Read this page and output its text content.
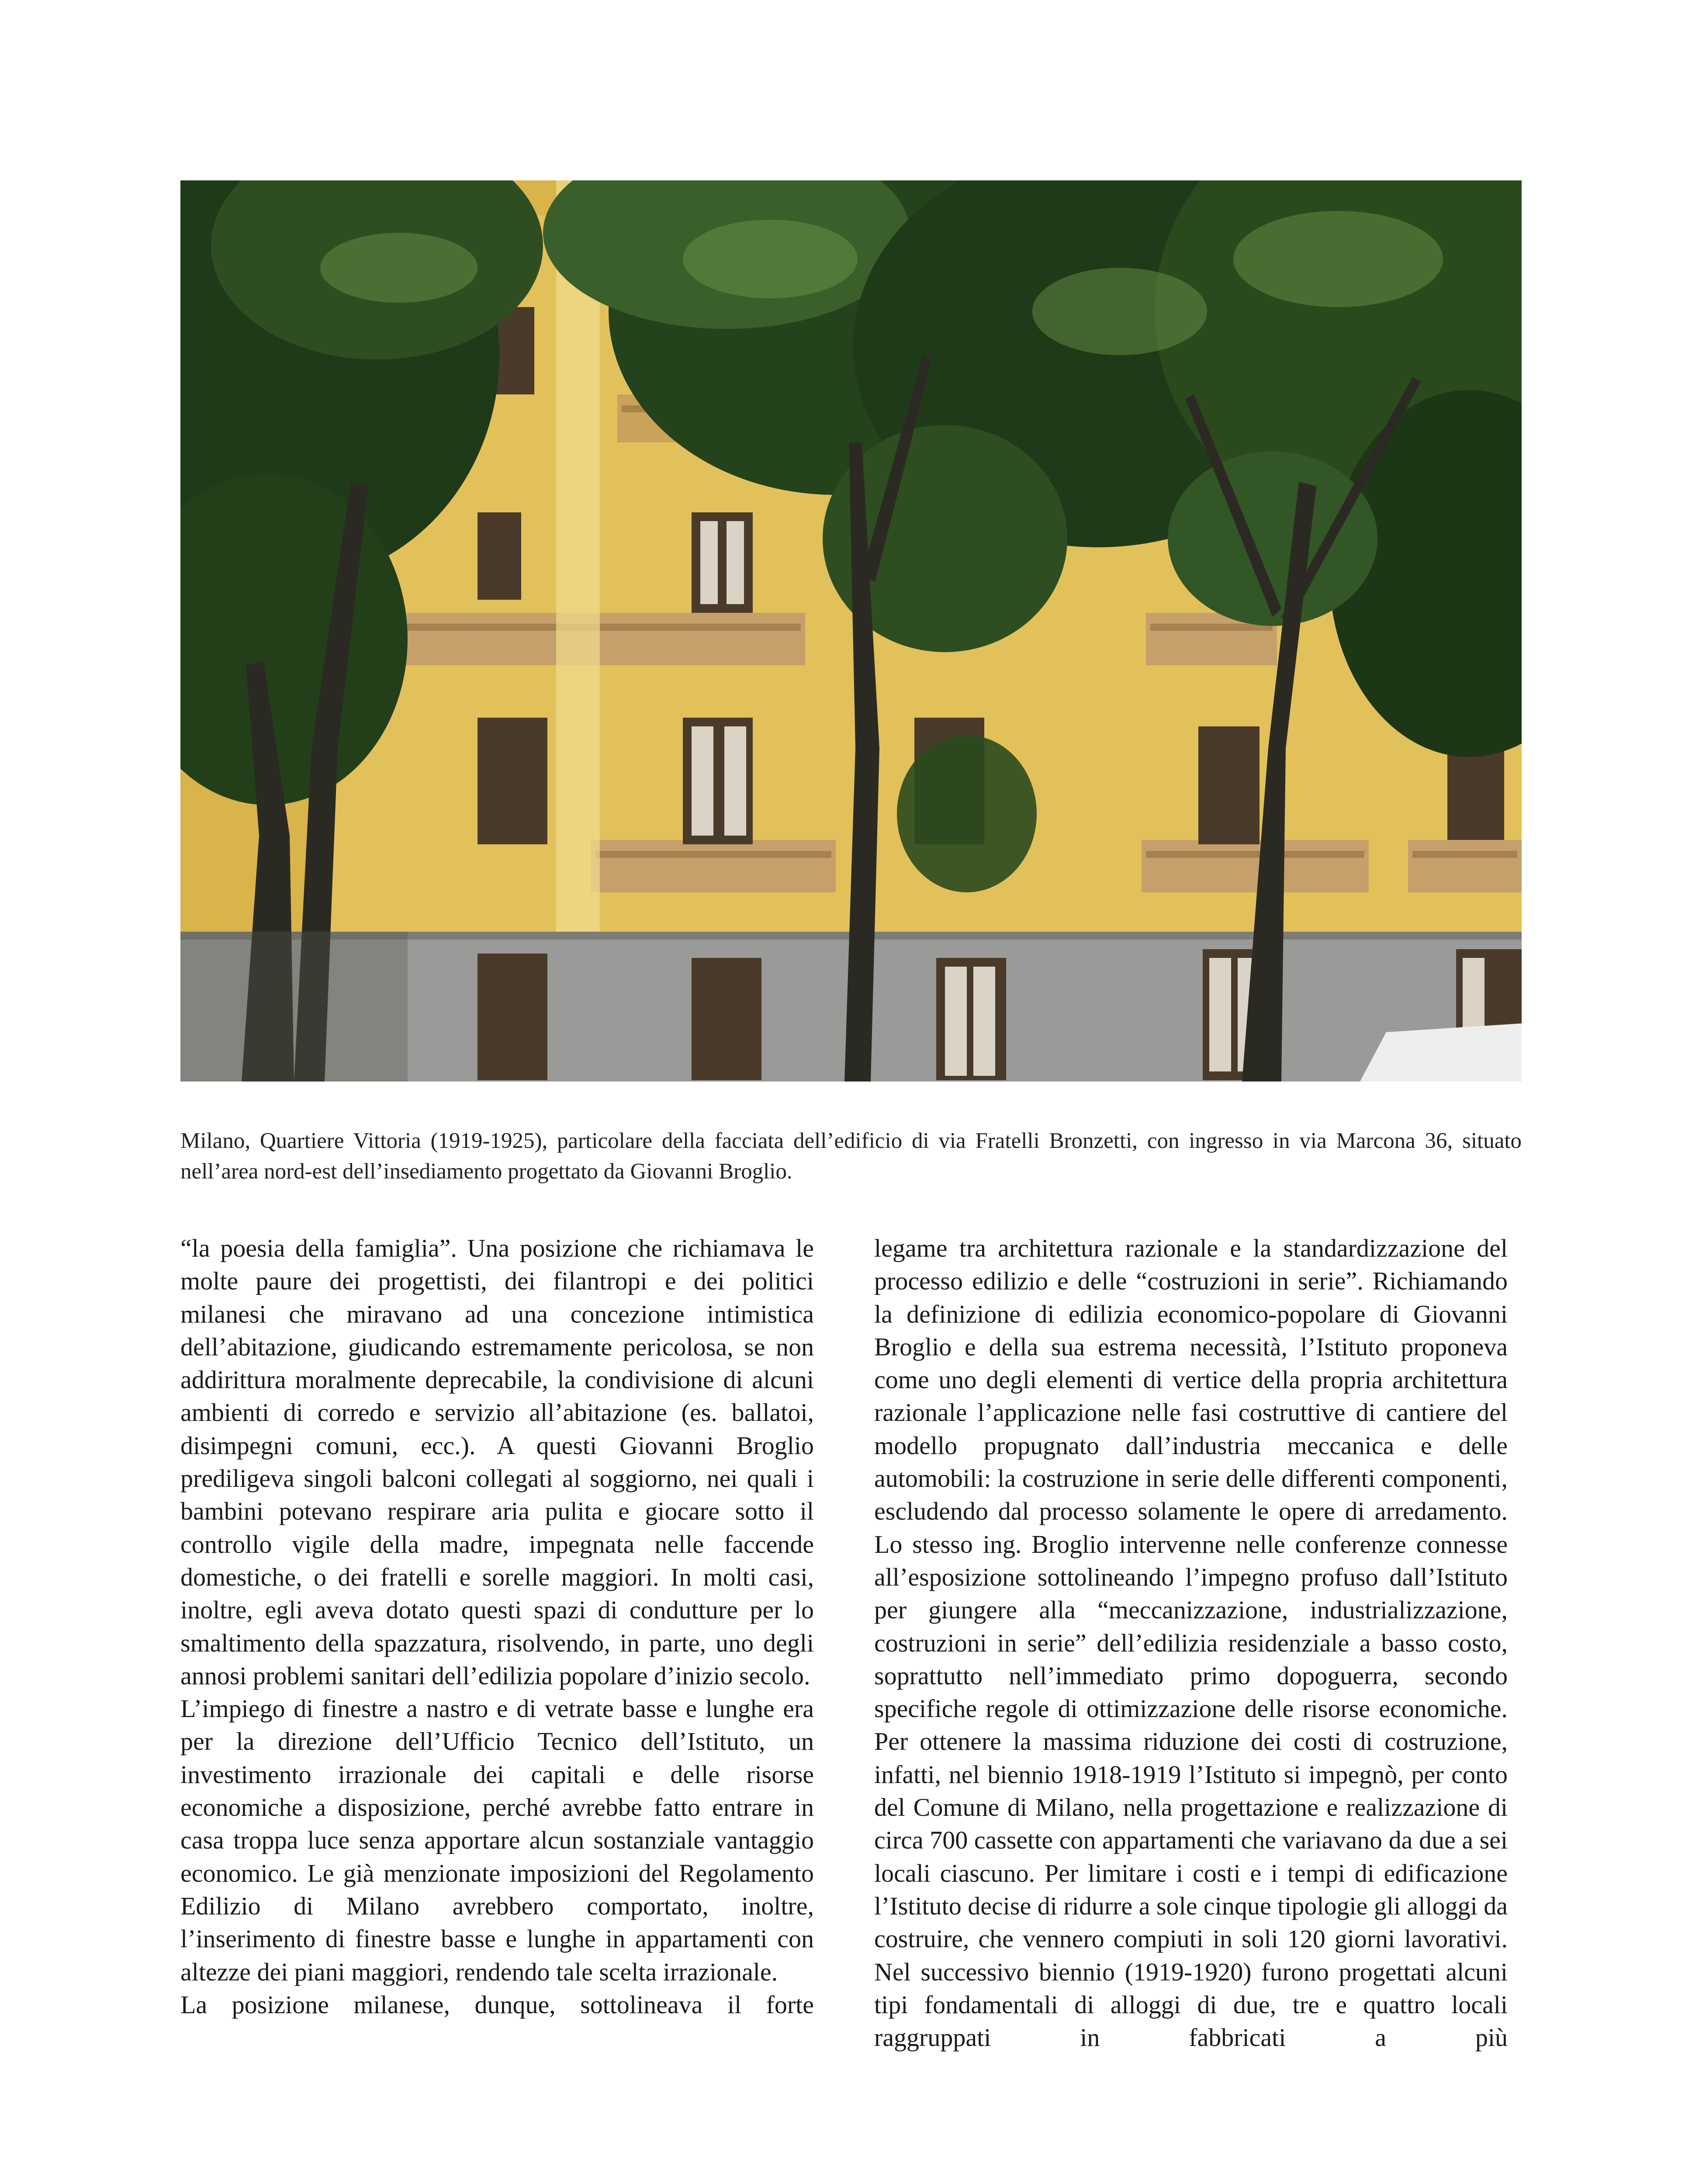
Milano, Quartiere Vittoria (1919-1925), particolare della facciata dell’edificio di via Fratelli Bronzetti, con ingresso in via Marcona 36, situato nell’area nord-est dell’insediamento progettato da Giovanni Broglio.

“la poesia della famiglia”. Una posizione che richiamava le molte paure dei progettisti, dei filantropi e dei politici milanesi che miravano ad una concezione intimistica dell’abitazione, giudicando estremamente pericolosa, se non addirittura moralmente deprecabile, la condivisione di alcuni ambienti di corredo e servizio all’abitazione (es. ballatoi, disimpegni comuni, ecc.). A questi Giovanni Broglio prediligeva singoli balconi collegati al soggiorno, nei quali i bambini potevano respirare aria pulita e giocare sotto il controllo vigile della madre, impegnata nelle faccende domestiche, o dei fratelli e sorelle maggiori. In molti casi, inoltre, egli aveva dotato questi spazi di condutture per lo smaltimento della spazzatura, risolvendo, in parte, uno degli annosi problemi sanitari dell’edilizia popolare d’inizio secolo.

L’impiego di finestre a nastro e di vetrate basse e lunghe era per la direzione dell’Ufficio Tecnico dell’Istituto, un investimento irrazionale dei capitali e delle risorse economiche a disposizione, perché avrebbe fatto entrare in casa troppa luce senza apportare alcun sostanziale vantaggio economico. Le già menzionate imposizioni del Regolamento Edilizio di Milano avrebbero comportato, inoltre, l’inserimento di finestre basse e lunghe in appartamenti con altezze dei piani maggiori, rendendo tale scelta irrazionale.

La posizione milanese, dunque, sottolineava il forte

legame tra architettura razionale e la standardizzazione del processo edilizio e delle “costruzioni in serie”. Richiamando la definizione di edilizia economico-popolare di Giovanni Broglio e della sua estrema necessità, l’Istituto proponeva come uno degli elementi di vertice della propria architettura razionale l’applicazione nelle fasi costruttive di cantiere del modello propugnato dall’industria meccanica e delle automobili: la costruzione in serie delle differenti componenti, escludendo dal processo solamente le opere di arredamento. Lo stesso ing. Broglio intervenne nelle conferenze connesse all’esposizione sottolineando l’impegno profuso dall’Istituto per giungere alla “meccanizzazione, industrializzazione, costruzioni in serie” dell’edilizia residenziale a basso costo, soprattutto nell’immediato primo dopoguerra, secondo specifiche regole di ottimizzazione delle risorse economiche. Per ottenere la massima riduzione dei costi di costruzione, infatti, nel biennio 1918-1919 l’Istituto si impegnò, per conto del Comune di Milano, nella progettazione e realizzazione di circa 700 cassette con appartamenti che variavano da due a sei locali ciascuno. Per limitare i costi e i tempi di edificazione l’Istituto decise di ridurre a sole cinque tipologie gli alloggi da costruire, che vennero compiuti in soli 120 giorni lavorativi. Nel successivo biennio (1919-1920) furono progettati alcuni tipi fondamentali di alloggi di due, tre e quattro locali raggruppati in fabbricati a più
